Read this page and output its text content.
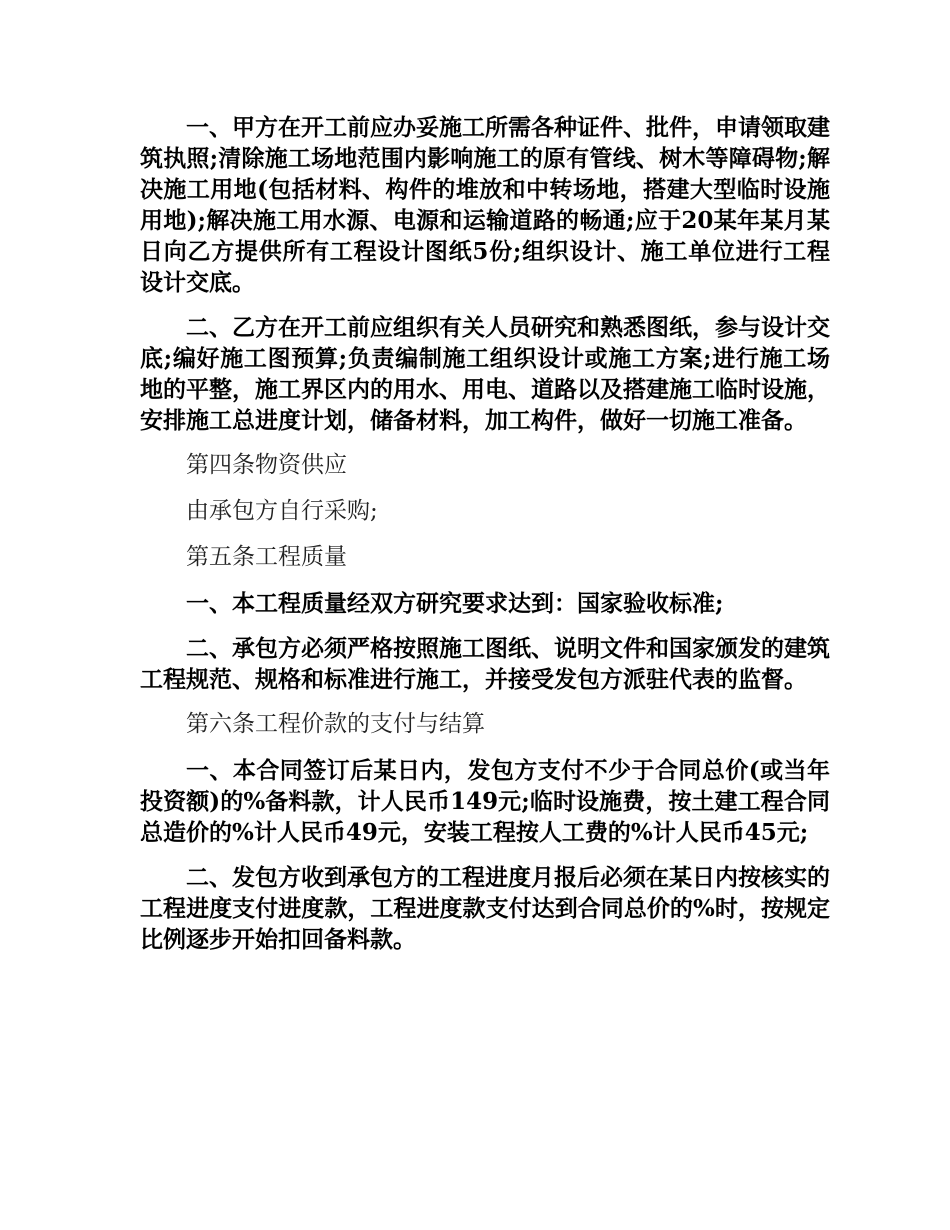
一、甲方在开工前应办妥施工所需各种证件、批件，申请领取建筑执照;清除施工场地范围内影响施工的原有管线、树木等障碍物;解决施工用地(包括材料、构件的堆放和中转场地，搭建大型临时设施用地);解决施工用水源、电源和运输道路的畅通;应于20某年某月某日向乙方提供所有工程设计图纸5份;组织设计、施工单位进行工程设计交底。

二、乙方在开工前应组织有关人员研究和熟悉图纸，参与设计交底;编好施工图预算;负责编制施工组织设计或施工方案;进行施工场地的平整，施工界区内的用水、用电、道路以及搭建施工临时设施，安排施工总进度计划，储备材料，加工构件，做好一切施工准备。

第四条物资供应

由承包方自行采购;

第五条工程质量

一、本工程质量经双方研究要求达到：国家验收标准;

二、承包方必须严格按照施工图纸、说明文件和国家颁发的建筑工程规范、规格和标准进行施工，并接受发包方派驻代表的监督。

第六条工程价款的支付与结算

一、本合同签订后某日内，发包方支付不少于合同总价(或当年投资额)的%备料款，计人民币149元;临时设施费，按土建工程合同总造价的%计人民币49元，安装工程按人工费的%计人民币45元;

二、发包方收到承包方的工程进度月报后必须在某日内按核实的工程进度支付进度款，工程进度款支付达到合同总价的%时，按规定比例逐步开始扣回备料款。
